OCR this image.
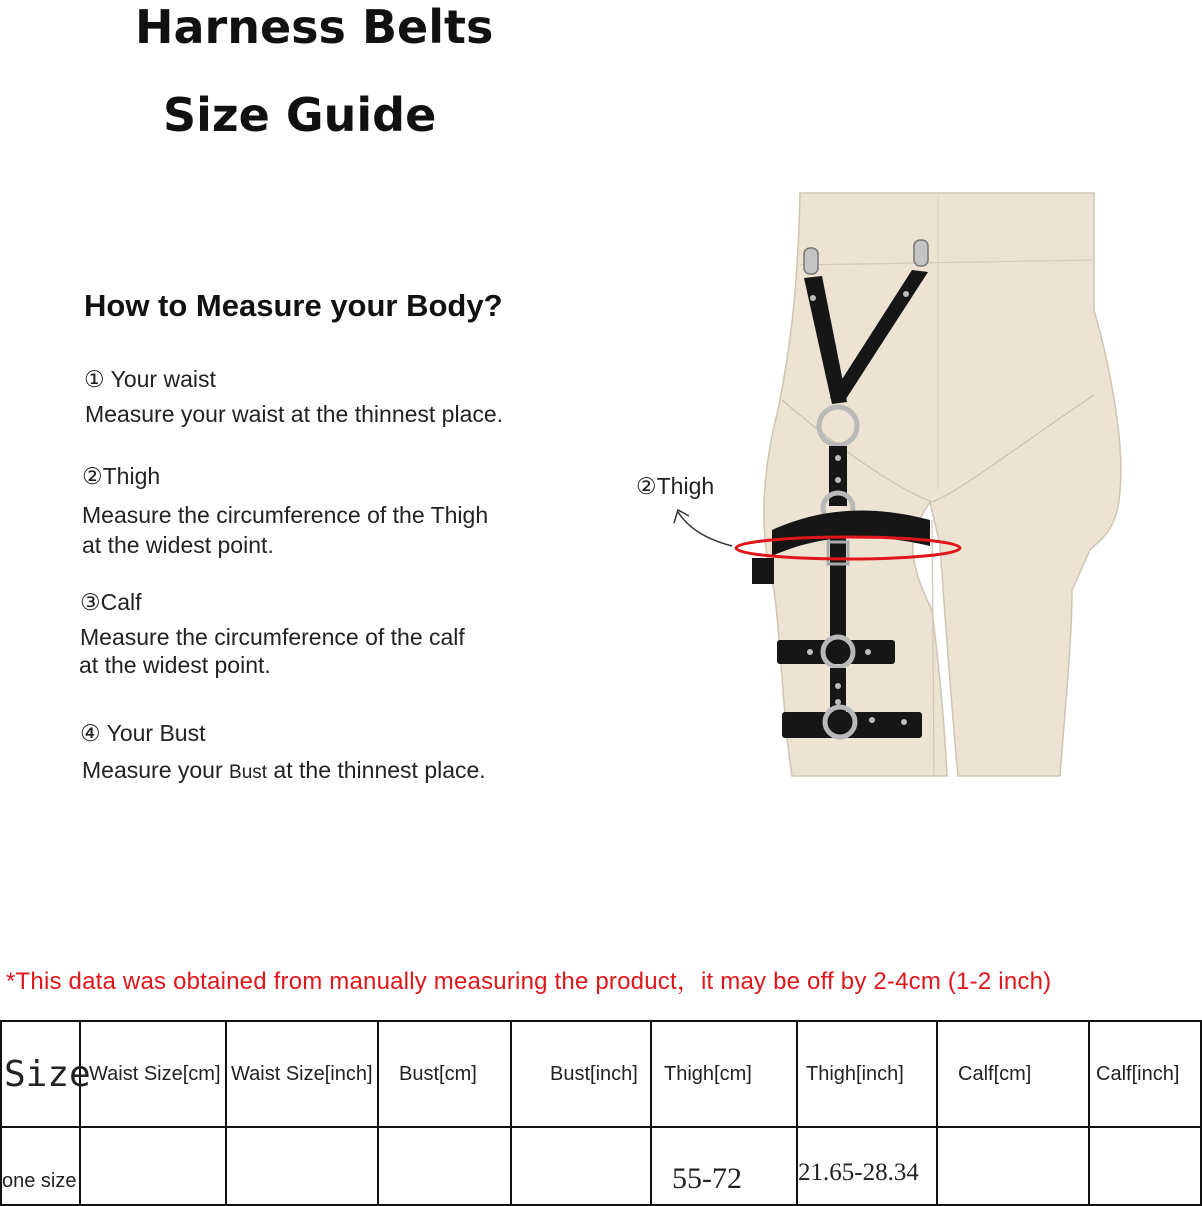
Harness Belts
Size Guide
How to Measure your Body?
① Your waist
Measure your waist at the thinnest place.
②Thigh
Measure the circumference of the Thigh
at the widest point.
③Calf
Measure the circumference of the calf
at the widest point.
④ Your Bust
Measure your Bust at the thinnest place.
②Thigh
*This data was obtained from manually measuring the product，it may be off by 2-4cm (1-2 inch)
Size	Waist Size[cm]	Waist Size[inch]	Bust[cm]	Bust[inch]	Thigh[cm]	Thigh[inch]	Calf[cm]	Calf[inch]

one size					55-72	21.65-28.34		
